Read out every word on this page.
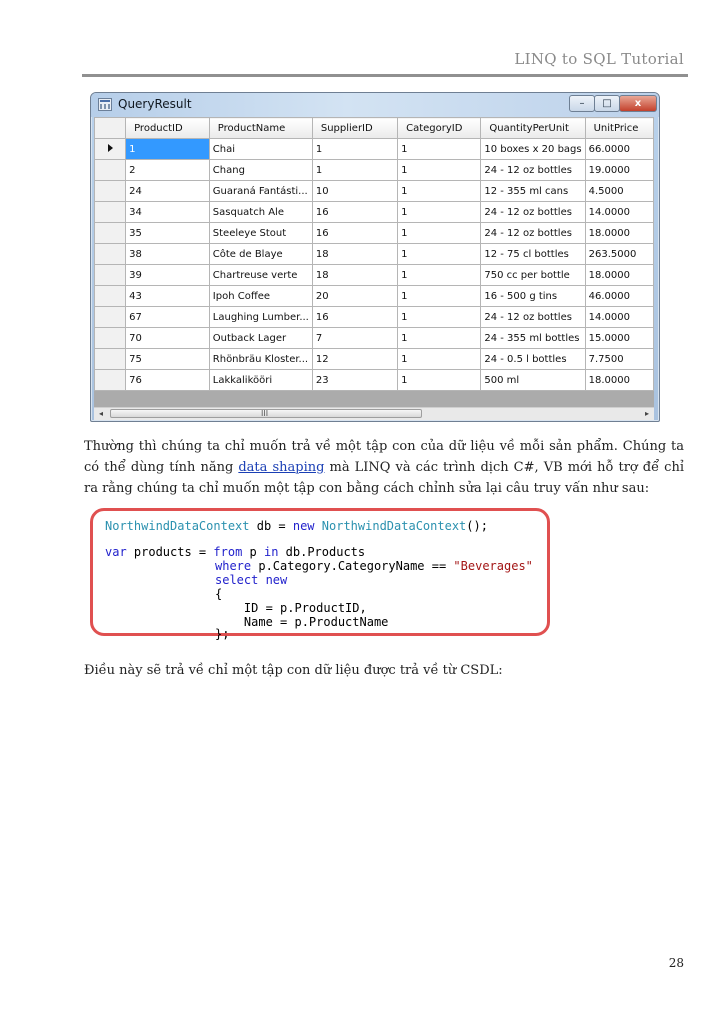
LINQ to SQL Tutorial
QueryResult	– □ x
	ProductID	ProductName	SupplierID	CategoryID	QuantityPerUnit	UnitPrice
	1	Chai	1	1	10 boxes x 20 bags	66.0000
	2	Chang	1	1	24 - 12 oz bottles	19.0000
	24	Guaraná Fantásti...	10	1	12 - 355 ml cans	4.5000
	34	Sasquatch Ale	16	1	24 - 12 oz bottles	14.0000
	35	Steeleye Stout	16	1	24 - 12 oz bottles	18.0000
	38	Côte de Blaye	18	1	12 - 75 cl bottles	263.5000
	39	Chartreuse verte	18	1	750 cc per bottle	18.0000
	43	Ipoh Coffee	20	1	16 - 500 g tins	46.0000
	67	Laughing Lumber...	16	1	24 - 12 oz bottles	14.0000
	70	Outback Lager	7	1	24 - 355 ml bottles	15.0000
	75	Rhönbräu Kloster...	12	1	24 - 0.5 l bottles	7.7500
	76	Lakkalikööri	23	1	500 ml	18.0000
◂	III	▸
Thường thì chúng ta chỉ muốn trả về một tập con của dữ liệu về mỗi sản phẩm. Chúng ta có thể dùng tính năng data shaping mà LINQ và các trình dịch C#, VB mới hỗ trợ để chỉ ra rằng chúng ta chỉ muốn một tập con bằng cách chỉnh sửa lại câu truy vấn như sau:
NorthwindDataContext db = new NorthwindDataContext();
var products = from p in db.Products
where p.Category.CategoryName == "Beverages"
select new
{
ID = p.ProductID,
Name = p.ProductName
};
Điều này sẽ trả về chỉ một tập con dữ liệu được trả về từ CSDL:
28
